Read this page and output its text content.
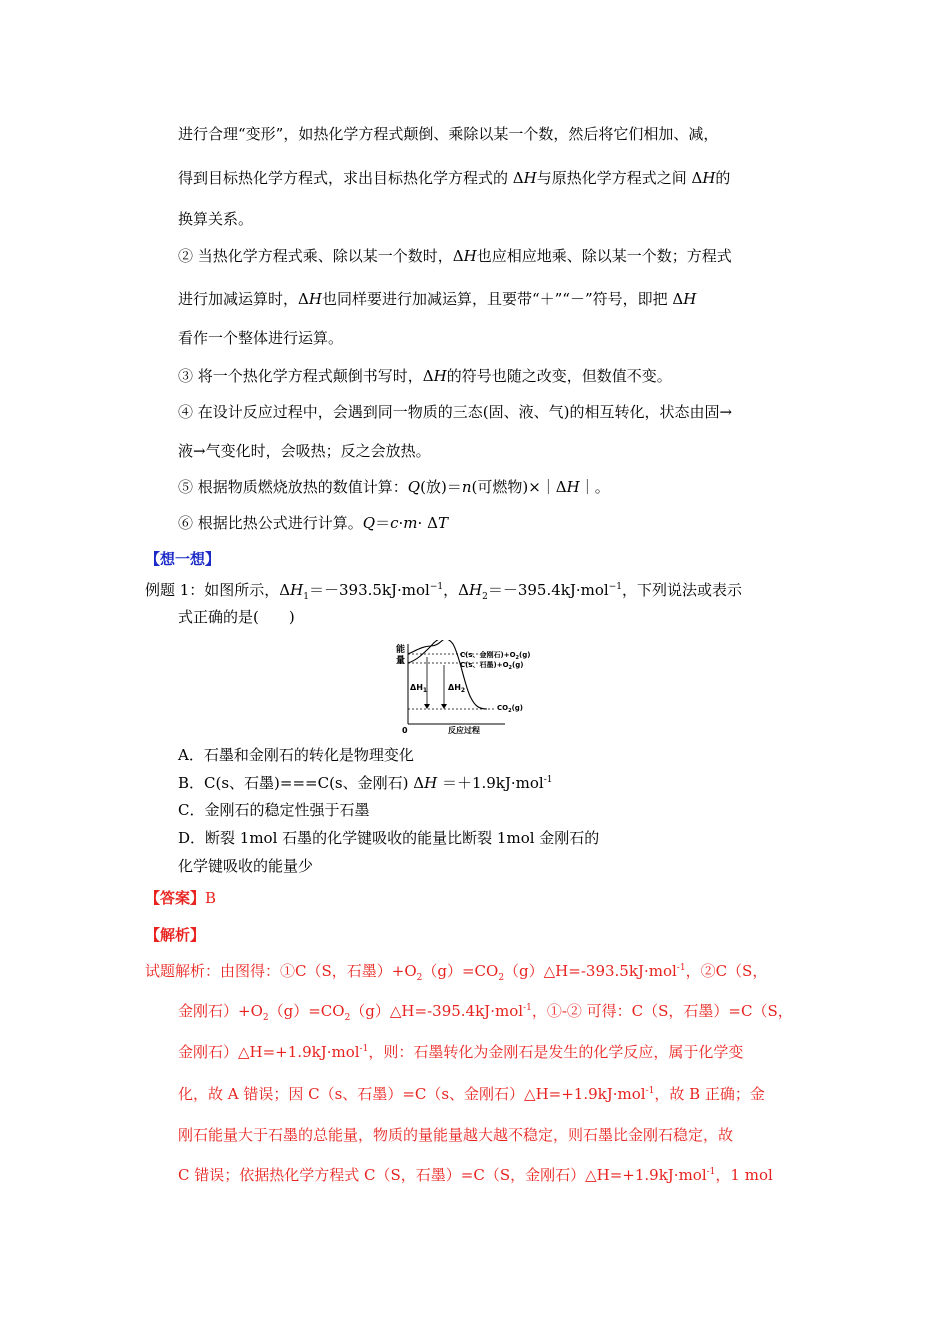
进行合理“变形”，如热化学方程式颠倒、乘除以某一个数，然后将它们相加、减，
得到目标热化学方程式，求出目标热化学方程式的 ΔH与原热化学方程式之间 ΔH的
换算关系。
② 当热化学方程式乘、除以某一个数时，ΔH也应相应地乘、除以某一个数；方程式
进行加减运算时，ΔH也同样要进行加减运算，且要带“＋”“－”符号，即把 ΔH
看作一个整体进行运算。
③ 将一个热化学方程式颠倒书写时，ΔH的符号也随之改变，但数值不变。
④ 在设计反应过程中，会遇到同一物质的三态(固、液、气)的相互转化，状态由固→
液→气变化时，会吸热；反之会放热。
⑤ 根据物质燃烧放热的数值计算：Q(放)＝n(可燃物)×｜ΔH｜。
⑥ 根据比热公式进行计算。Q＝c·m· ΔT
【想一想】
例题 1：如图所示，$\Delta H_1=-393.5kJ\cdot mol^{-1}$，$\Delta H_2=-395.4kJ\cdot mol^{-1}$，下列说法或表示
式正确的是(　　)
能
量
$\Delta H_1$	$\Delta H_2$
C(s、金刚石)$+O_2(g)$
C(s、石墨)$+O_2(g)$
$CO_2(g)$
0	反应过程
A．石墨和金刚石的转化是物理变化
B．C(s、石墨)===C(s、金刚石) ΔH ＝＋1.9kJ·mol$^{-1}$
C．金刚石的稳定性强于石墨
D．断裂 1mol 石墨的化学键吸收的能量比断裂 1mol 金刚石的
化学键吸收的能量少
【答案】B
【解析】
试题解析：由图得：①C（S，石墨）$+O_2(g)=CO_2(g)\triangle H=-393.5kJ\cdot mol^{-1}$，②C（S，
金刚石）$+O_2(g)=CO_2(g)\triangle H=-395.4kJ\cdot mol^{-1}$，①-② 可得：C（S，石墨）=C（S，
金刚石）△H=+1.9kJ·mol$^{-1}$，则：石墨转化为金刚石是发生的化学反应，属于化学变
化，故 A 错误；因 C（s、石墨）=C（s、金刚石）△H=+1.9kJ·mol$^{-1}$，故 B 正确；金
刚石能量大于石墨的总能量，物质的量能量越大越不稳定，则石墨比金刚石稳定，故
C 错误；依据热化学方程式 C（S，石墨）=C（S，金刚石）△H=+1.9kJ·mol$^{-1}$，1 mol
